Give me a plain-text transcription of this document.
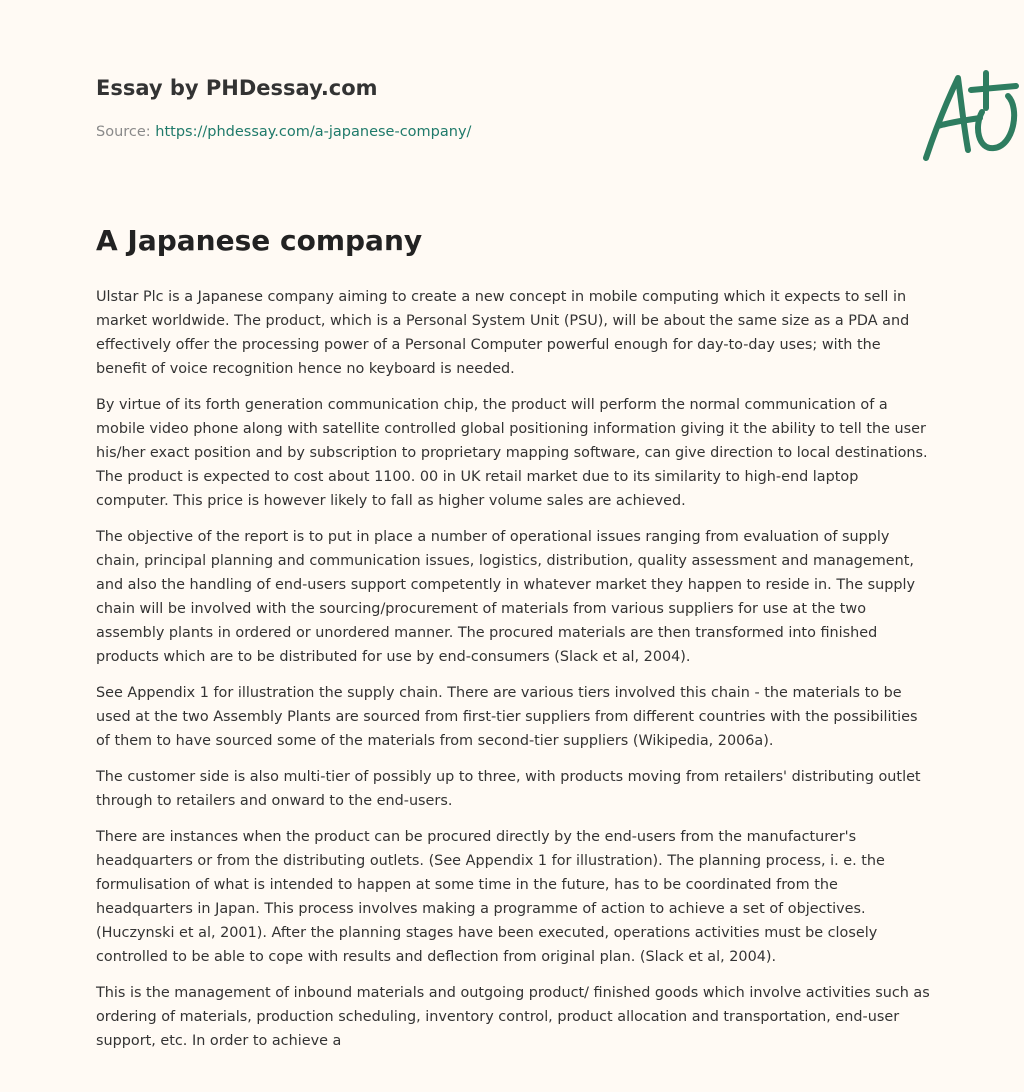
Essay by PHDessay.com
Source: https://phdessay.com/a-japanese-company/
A Japanese company

Ulstar Plc is a Japanese company aiming to create a new concept in mobile computing which it expects to sell in market worldwide. The product, which is a Personal System Unit (PSU), will be about the same size as a PDA and effectively offer the processing power of a Personal Computer powerful enough for day-to-day uses; with the benefit of voice recognition hence no keyboard is needed.

By virtue of its forth generation communication chip, the product will perform the normal communication of a mobile video phone along with satellite controlled global positioning information giving it the ability to tell the user his/her exact position and by subscription to proprietary mapping software, can give direction to local destinations. The product is expected to cost about 1100. 00 in UK retail market due to its similarity to high-end laptop computer. This price is however likely to fall as higher volume sales are achieved.

The objective of the report is to put in place a number of operational issues ranging from evaluation of supply chain, principal planning and communication issues, logistics, distribution, quality assessment and management, and also the handling of end-users support competently in whatever market they happen to reside in. The supply chain will be involved with the sourcing/procurement of materials from various suppliers for use at the two assembly plants in ordered or unordered manner. The procured materials are then transformed into finished products which are to be distributed for use by end-consumers (Slack et al, 2004).

See Appendix 1 for illustration the supply chain. There are various tiers involved this chain - the materials to be used at the two Assembly Plants are sourced from first-tier suppliers from different countries with the possibilities of them to have sourced some of the materials from second-tier suppliers (Wikipedia, 2006a).

The customer side is also multi-tier of possibly up to three, with products moving from retailers' distributing outlet through to retailers and onward to the end-users.

There are instances when the product can be procured directly by the end-users from the manufacturer's headquarters or from the distributing outlets. (See Appendix 1 for illustration). The planning process, i. e. the formulisation of what is intended to happen at some time in the future, has to be coordinated from the headquarters in Japan. This process involves making a programme of action to achieve a set of objectives. (Huczynski et al, 2001). After the planning stages have been executed, operations activities must be closely controlled to be able to cope with results and deflection from original plan. (Slack et al, 2004).

This is the management of inbound materials and outgoing product/ finished goods which involve activities such as ordering of materials, production scheduling, inventory control, product allocation and transportation, end-user support, etc. In order to achieve a
